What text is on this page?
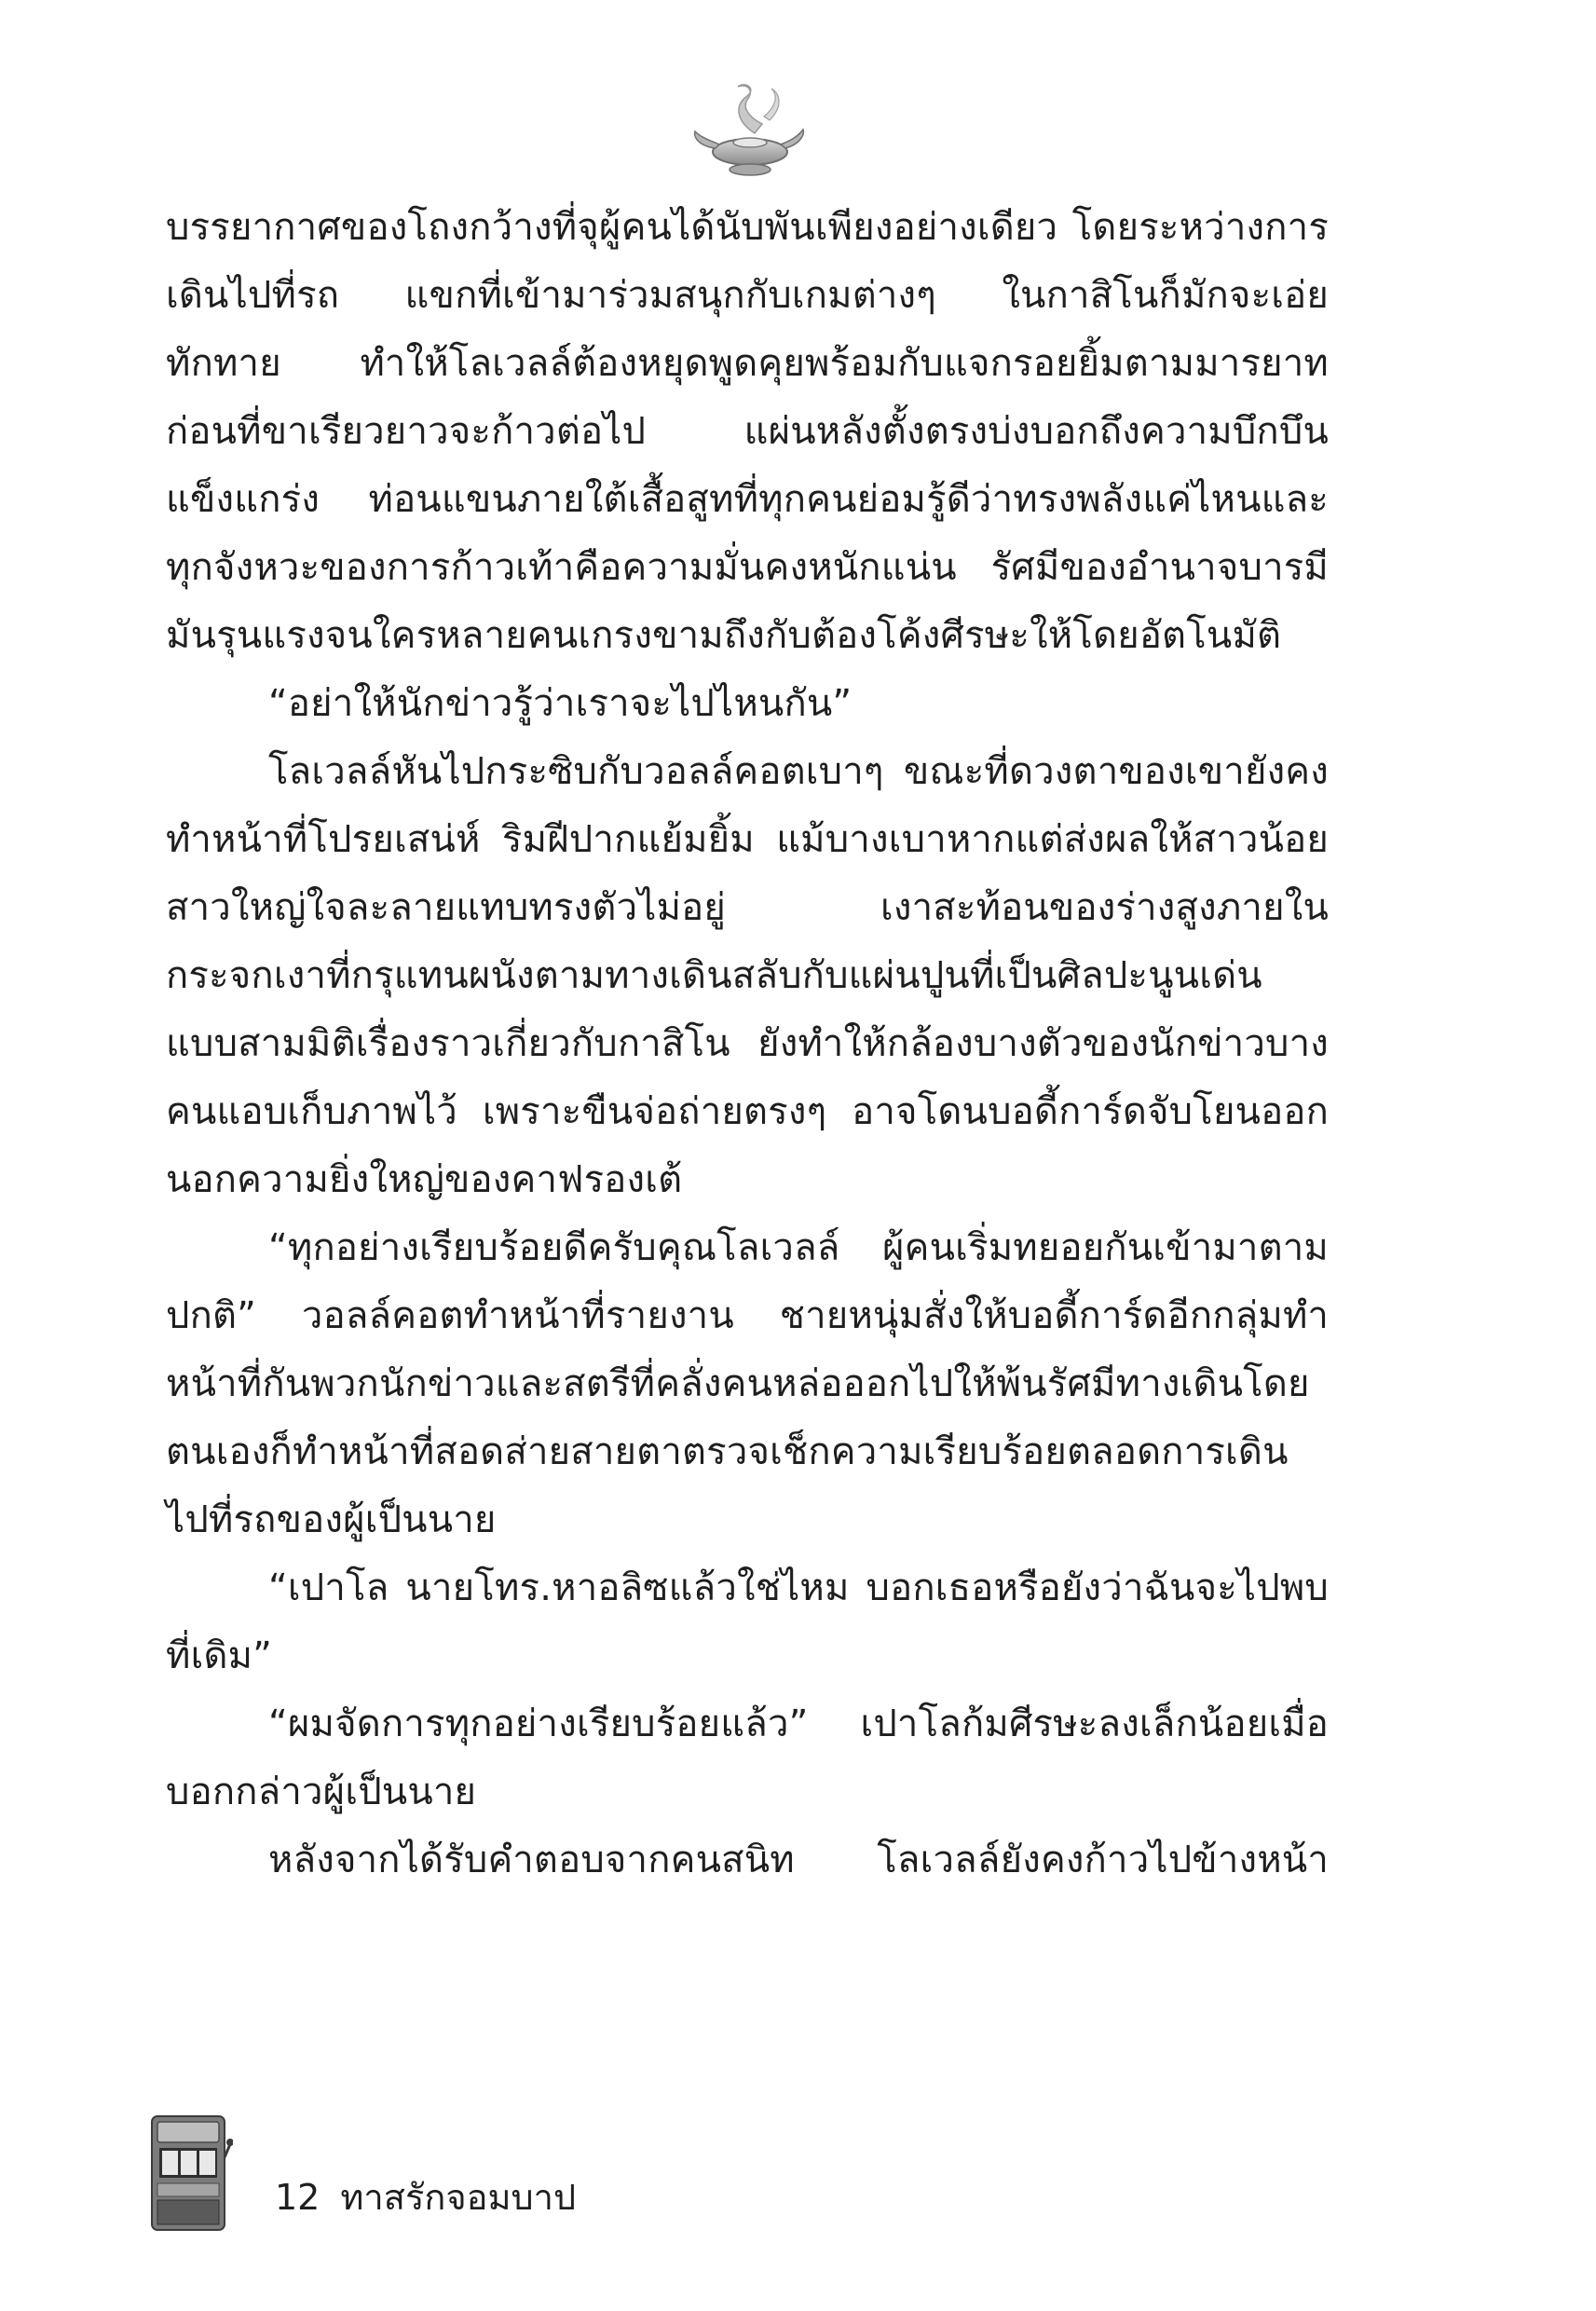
บรรยากาศของโถงกว้างที่จุผู้คนได้นับพันเพียงอย่างเดียว โดยระหว่างการเดินไปที่รถ แขกที่เข้ามาร่วมสนุกกับเกมต่างๆ ในกาสิโนก็มักจะเอ่ยทักทาย ทำให้โลเวลล์ต้องหยุดพูดคุยพร้อมกับแจกรอยยิ้มตามมารยาทก่อนที่ขาเรียวยาวจะก้าวต่อไป แผ่นหลังตั้งตรงบ่งบอกถึงความบึกบึนแข็งแกร่ง ท่อนแขนภายใต้เสื้อสูทที่ทุกคนย่อมรู้ดีว่าทรงพลังแค่ไหนและทุกจังหวะของการก้าวเท้าคือความมั่นคงหนักแน่น รัศมีของอำนาจบารมีมันรุนแรงจนใครหลายคนเกรงขามถึงกับต้องโค้งศีรษะให้โดยอัตโนมัติ

“อย่าให้นักข่าวรู้ว่าเราจะไปไหนกัน”

โลเวลล์หันไปกระซิบกับวอลล์คอตเบาๆ ขณะที่ดวงตาของเขายังคงทำหน้าที่โปรยเสน่ห์ ริมฝีปากแย้มยิ้ม แม้บางเบาหากแต่ส่งผลให้สาวน้อยสาวใหญ่ใจละลายแทบทรงตัวไม่อยู่ เงาสะท้อนของร่างสูงภายในกระจกเงาที่กรุแทนผนังตามทางเดินสลับกับแผ่นปูนที่เป็นศิลปะนูนเด่นแบบสามมิติเรื่องราวเกี่ยวกับกาสิโน ยังทำให้กล้องบางตัวของนักข่าวบางคนแอบเก็บภาพไว้ เพราะขืนจ่อถ่ายตรงๆ อาจโดนบอดี้การ์ดจับโยนออกนอกความยิ่งใหญ่ของคาฟรองเต้

“ทุกอย่างเรียบร้อยดีครับคุณโลเวลล์ ผู้คนเริ่มทยอยกันเข้ามาตามปกติ” วอลล์คอตทำหน้าที่รายงาน ชายหนุ่มสั่งให้บอดี้การ์ดอีกกลุ่มทำหน้าที่กันพวกนักข่าวและสตรีที่คลั่งคนหล่อออกไปให้พ้นรัศมีทางเดินโดยตนเองก็ทำหน้าที่สอดส่ายสายตาตรวจเช็กความเรียบร้อยตลอดการเดินไปที่รถของผู้เป็นนาย

“เปาโล นายโทร.หาอลิซแล้วใช่ไหม บอกเธอหรือยังว่าฉันจะไปพบที่เดิม”

“ผมจัดการทุกอย่างเรียบร้อยแล้ว” เปาโลก้มศีรษะลงเล็กน้อยเมื่อบอกกล่าวผู้เป็นนาย

หลังจากได้รับคำตอบจากคนสนิท โลเวลล์ยังคงก้าวไปข้างหน้า

12 ทาสรักจอมบาป
